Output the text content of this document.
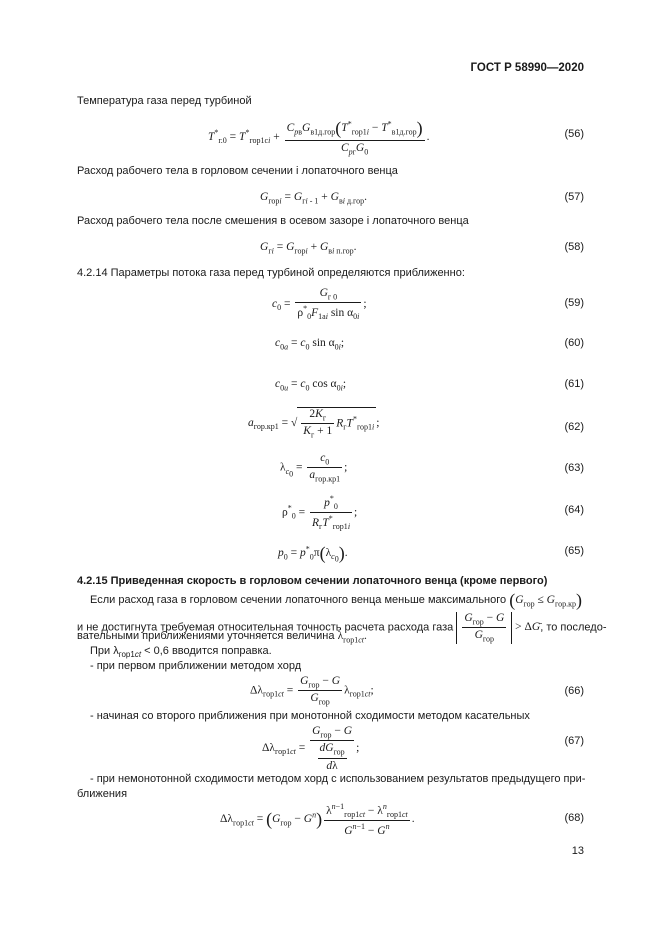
ГОСТ Р 58990—2020
Температура газа перед турбиной
$T^*_{г.0} = T^*_{гор1сi} + \frac{C_{pв}G_{в1д.гор}(T^*_{гор1i} - T^*_{в1д.гор})}{C_{pг}G_0}$ .	(56)
Расход рабочего тела в горловом сечении i лопаточного венца
$G_{горi} = G_{гi - 1} + G_{вi д.гор}$.	(57)
Расход рабочего тела после смешения в осевом зазоре i лопаточного венца
$G_{гi} = G_{горi} + G_{вi п.гор}$.	(58)
4.2.14 Параметры потока газа перед турбиной определяются приближенно:
$c_0 = \frac{G_{г 0}}{\rho^*_0F_{1аi} \sin \alpha_{0i}}$ ;	(59)
$c_{0а} = c_0$ $\sin \alpha_{0i}$;	(60)
$c_{0u} = c_0$ $\cos \alpha_{0i}$;	(61)
$a_{гор.кр1}$ = √ $\frac{2K_г}{K_г + 1} R_гT^*_{гор1i}$ ;	(62)
$\lambda_{c_0} = \frac{c_0}{a_{гор.кр1}}$ ;	(63)
$\rho^*_0 = \frac{p^*_0}{R_гT^*_{гор1i}}$ ;	(64)
$p_0 = p^*_0\pi(\lambda_{c_0})$.	(65)
4.2.15 Приведенная скорость в горловом сечении лопаточного венца (кроме первого)
Если расход газа в горловом сечении лопаточного венца меньше максимального $(G_{гор} \le G_{гор.кр})$
и не достигнута требуемая относительная точность расчета расхода газа $\frac{G_{гор} - G}{G_{гор}} > \Delta G$, то последо-
вательными приближениями уточняется величина $\lambda_{гор1ct}$.
При $\lambda_{гор1ct} < 0,6$ вводится поправка.
- при первом приближении методом хорд
$\Delta\lambda_{гор1ct} = \frac{G_{гор} - G}{G_{гор}} \lambda_{гор1ct}$;	(66)
- начиная со второго приближения при монотонной сходимости методом касательных
$\Delta\lambda_{гор1ct} = \frac{G_{гор} - G}{\frac{dG_{гор}}{d\lambda}}$ ;
(67)
- при немонотонной сходимости методом хорд с использованием результатов предыдущего при-
ближения
$\Delta\lambda_{гор1ct} = (G_{гор} - G^n) \frac{\lambda^{n-1}_{гор1ct} - \lambda^n_{гор1ct}}{G^{n-1} - G^n}$ .	(68)
13
